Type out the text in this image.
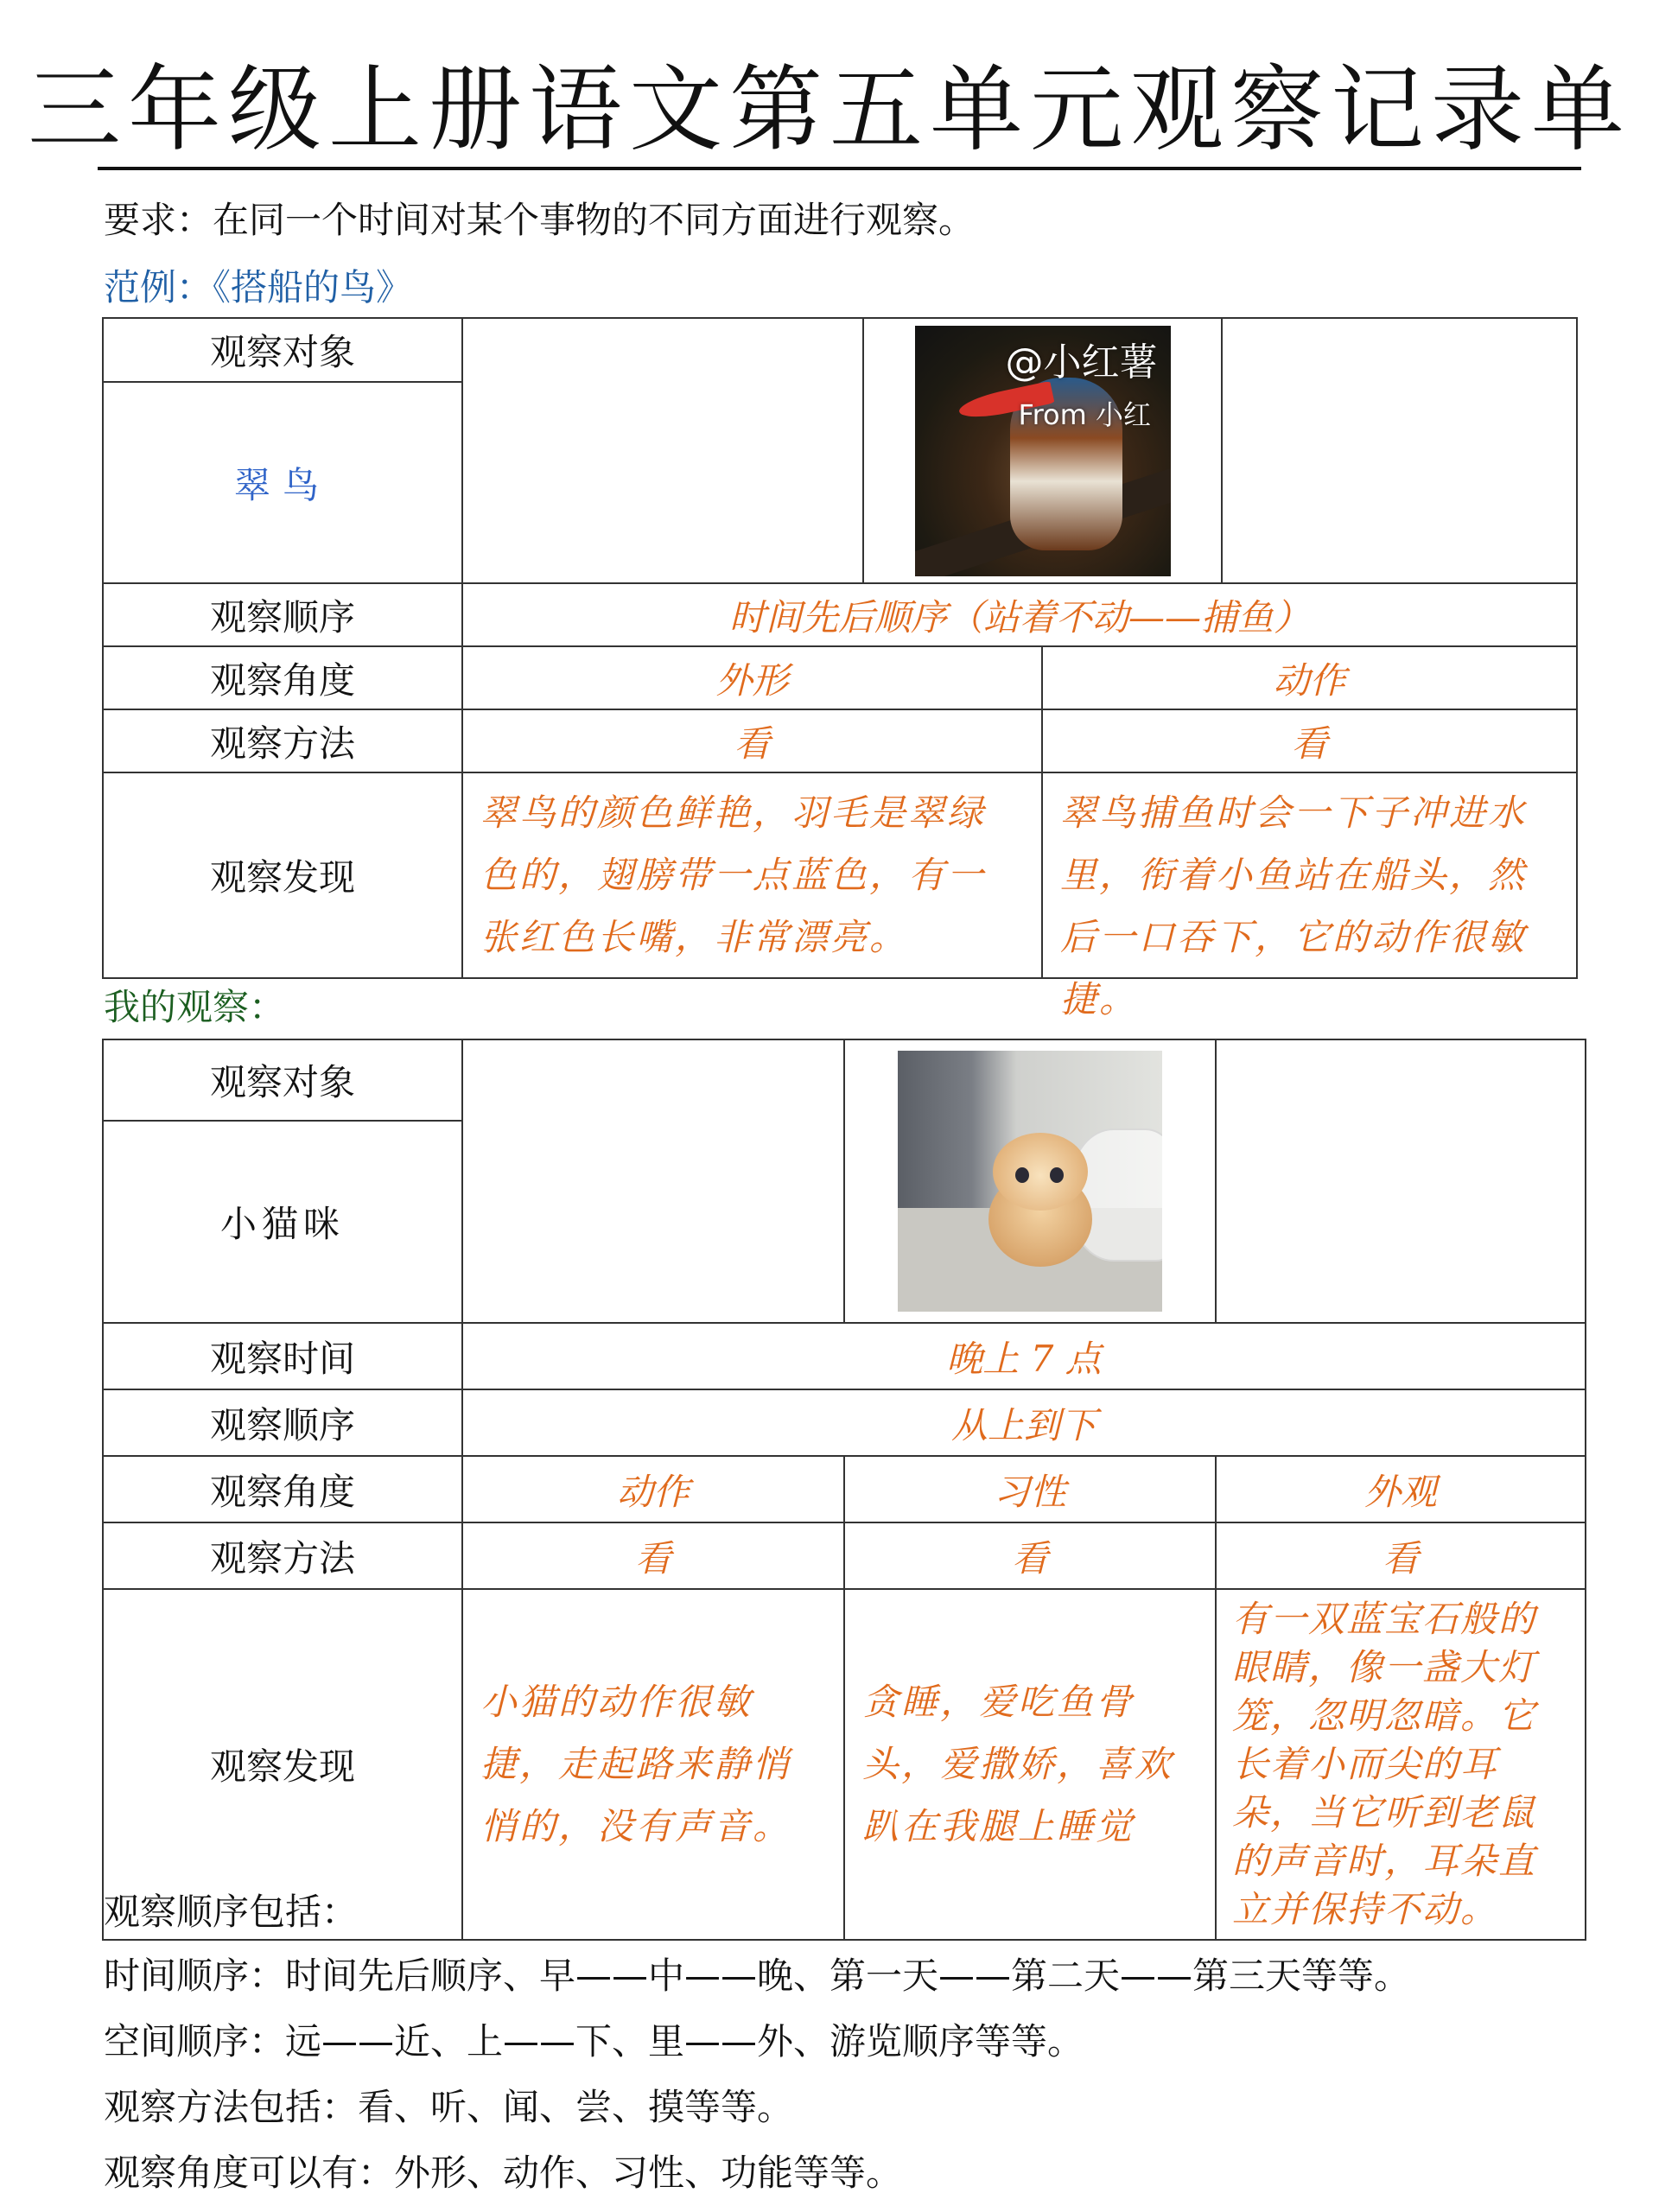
三年级上册语文第五单元观察记录单
要求：在同一个时间对某个事物的不同方面进行观察。
范例：《搭船的鸟》
观察对象		@小红薯
From 小红		

翠鸟				
观察顺序	时间先后顺序（站着不动——捕鱼）			
观察角度	外形		动作	
观察方法	看		看	
观察发现	翠鸟的颜色鲜艳，羽毛是翠绿色的，翅膀带一点蓝色，有一张红色长嘴，非常漂亮。		翠鸟捕鱼时会一下子冲进水里，衔着小鱼站在船头，然后一口吞下，它的动作很敏捷。	
我的观察：
观察对象		

小猫咪			
观察时间	晚上 7 点		
观察顺序	从上到下		
观察角度	动作	习性	外观
观察方法	看	看	看
观察发现	小猫的动作很敏捷，走起路来静悄悄的，没有声音。	贪睡，爱吃鱼骨头，爱撒娇，喜欢趴在我腿上睡觉	有一双蓝宝石般的眼睛，像一盏大灯笼，忽明忽暗。它长着小而尖的耳朵，当它听到老鼠的声音时，耳朵直立并保持不动。
观察顺序包括：
时间顺序：时间先后顺序、早——中——晚、第一天——第二天——第三天等等。
空间顺序：远——近、上——下、里——外、游览顺序等等。
观察方法包括：看、听、闻、尝、摸等等。
观察角度可以有：外形、动作、习性、功能等等。
